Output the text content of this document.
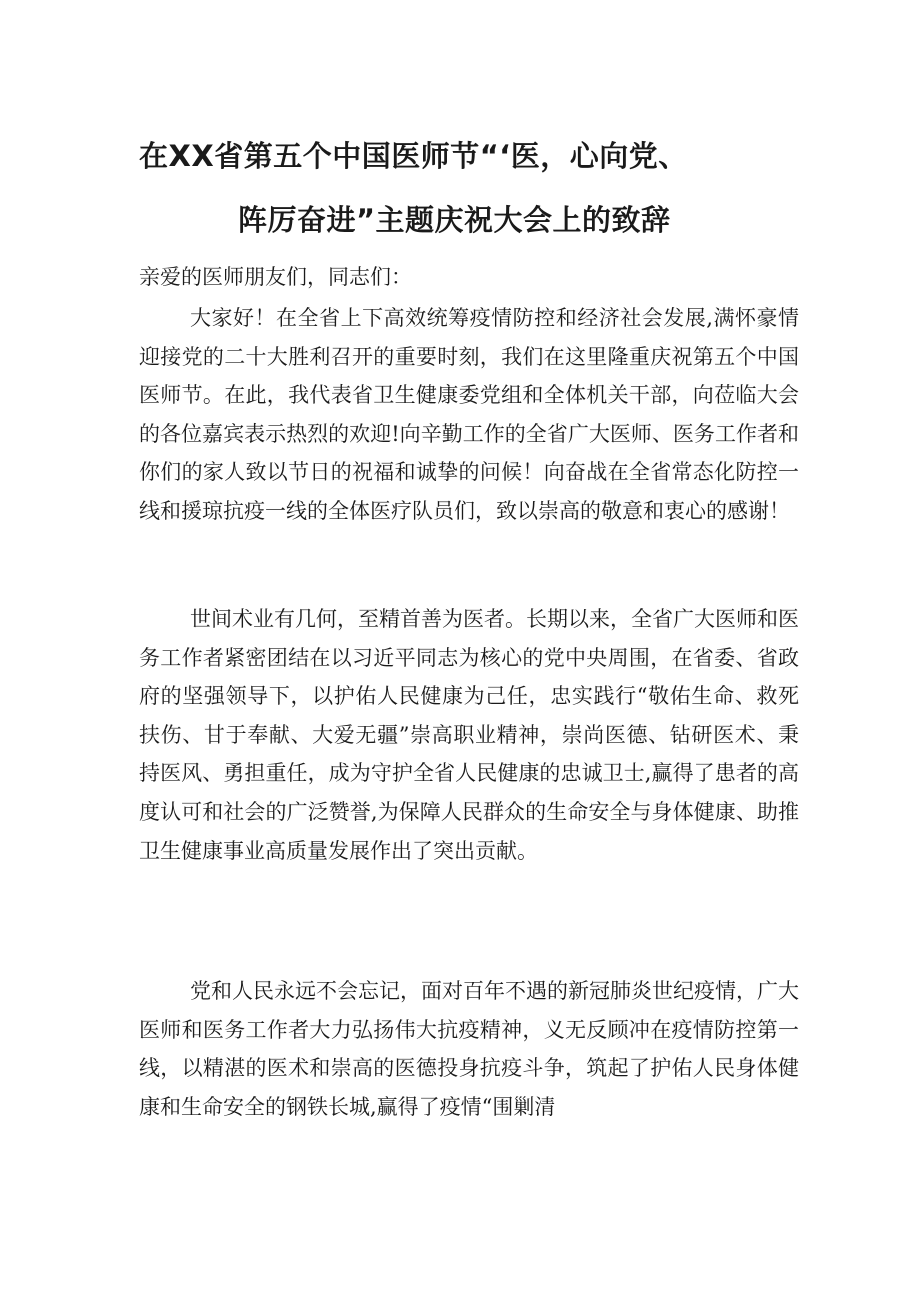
在XX省第五个中国医师节“‘医，心向党、
阵厉奋进”主题庆祝大会上的致辞

亲爱的医师朋友们，同志们：

大家好！在全省上下高效统筹疫情防控和经济社会发展,满怀豪情迎接党的二十大胜利召开的重要时刻，我们在这里隆重庆祝第五个中国医师节。在此，我代表省卫生健康委党组和全体机关干部，向莅临大会的各位嘉宾表示热烈的欢迎!向辛勤工作的全省广大医师、医务工作者和你们的家人致以节日的祝福和诚挚的问候！向奋战在全省常态化防控一线和援琼抗疫一线的全体医疗队员们，致以崇高的敬意和衷心的感谢！

世间术业有几何，至精首善为医者。长期以来，全省广大医师和医务工作者紧密团结在以习近平同志为核心的党中央周围，在省委、省政府的坚强领导下，以护佑人民健康为己任，忠实践行“敬佑生命、救死扶伤、甘于奉献、大爱无疆”崇高职业精神，崇尚医德、钻研医术、秉持医风、勇担重任，成为守护全省人民健康的忠诚卫士,赢得了患者的高度认可和社会的广泛赞誉,为保障人民群众的生命安全与身体健康、助推卫生健康事业高质量发展作出了突出贡献。

党和人民永远不会忘记，面对百年不遇的新冠肺炎世纪疫情，广大医师和医务工作者大力弘扬伟大抗疫精神，义无反顾冲在疫情防控第一线，以精湛的医术和崇高的医德投身抗疫斗争，筑起了护佑人民身体健康和生命安全的钢铁长城,赢得了疫情“围剿清
